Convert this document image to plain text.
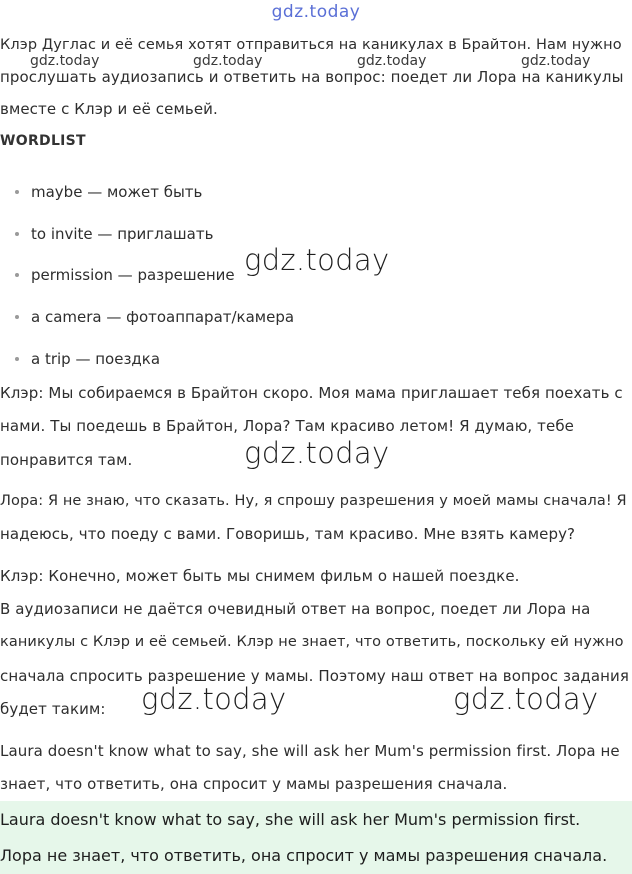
gdz.today
Клэр Дуглас и её семья хотят отправиться на каникулах в Брайтон. Нам нужно
прослушать аудиозапись и ответить на вопрос: поедет ли Лора на каникулы
вместе с Клэр и её семьей.
gdz.today	gdz.today	gdz.today	gdz.today
WORDLIST
maybe — может быть
to invite — приглашать
permission — разрешение
a camera — фотоаппарат/камера
a trip — поездка
gdz.today
Клэр: Мы собираемся в Брайтон скоро. Моя мама приглашает тебя поехать с
нами. Ты поедешь в Брайтон, Лора? Там красиво летом! Я думаю, тебе
понравится там.	gdz.today
Лора: Я не знаю, что сказать. Ну, я спрошу разрешения у моей мамы сначала! Я
надеюсь, что поеду с вами. Говоришь, там красиво. Мне взять камеру?
Клэр: Конечно, может быть мы снимем фильм о нашей поездке.
В аудиозаписи не даётся очевидный ответ на вопрос, поедет ли Лора на
каникулы с Клэр и её семьей. Клэр не знает, что ответить, поскольку ей нужно
сначала спросить разрешение у мамы. Поэтому наш ответ на вопрос задания
будет таким: gdz.today	gdz.today
Laura doesn't know what to say, she will ask her Mum's permission first. Лора не
знает, что ответить, она спросит у мамы разрешения сначала.
Laura doesn't know what to say, she will ask her Mum's permission first.
Лора не знает, что ответить, она спросит у мамы разрешения сначала.
